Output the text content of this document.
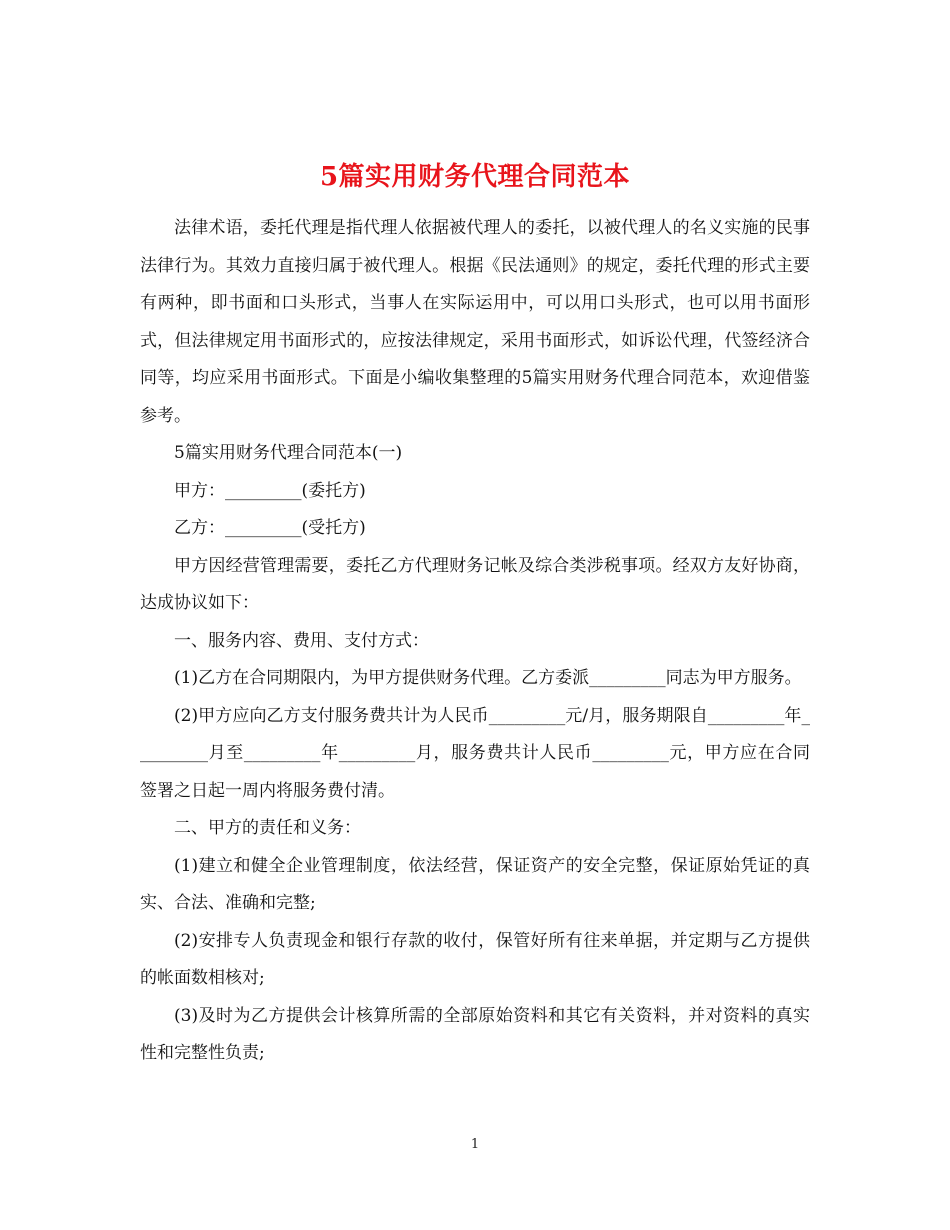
5篇实用财务代理合同范本

法律术语，委托代理是指代理人依据被代理人的委托，以被代理人的名义实施的民事法律行为。其效力直接归属于被代理人。根据《民法通则》的规定，委托代理的形式主要有两种，即书面和口头形式，当事人在实际运用中，可以用口头形式，也可以用书面形式，但法律规定用书面形式的，应按法律规定，采用书面形式，如诉讼代理，代签经济合同等，均应采用书面形式。下面是小编收集整理的5篇实用财务代理合同范本，欢迎借鉴参考。

5篇实用财务代理合同范本(一)

甲方：_________(委托方)

乙方：_________(受托方)

甲方因经营管理需要，委托乙方代理财务记帐及综合类涉税事项。经双方友好协商，达成协议如下：

一、服务内容、费用、支付方式：

(1)乙方在合同期限内，为甲方提供财务代理。乙方委派_________同志为甲方服务。

(2)甲方应向乙方支付服务费共计为人民币_________元/月，服务期限自_________年_________月至_________年_________月，服务费共计人民币_________元，甲方应在合同签署之日起一周内将服务费付清。

二、甲方的责任和义务：

(1)建立和健全企业管理制度，依法经营，保证资产的安全完整，保证原始凭证的真实、合法、准确和完整;

(2)安排专人负责现金和银行存款的收付，保管好所有往来单据，并定期与乙方提供的帐面数相核对;

(3)及时为乙方提供会计核算所需的全部原始资料和其它有关资料，并对资料的真实性和完整性负责;

1
